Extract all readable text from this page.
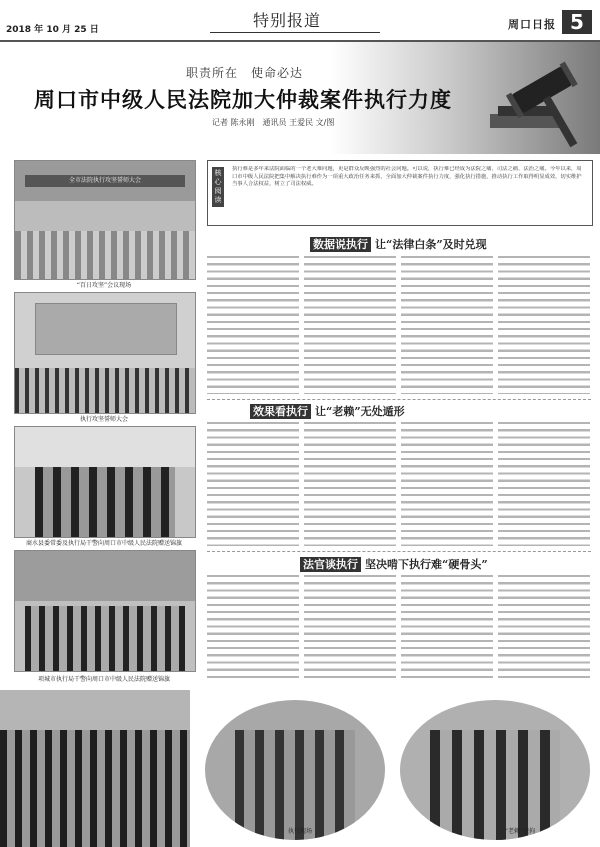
2018 年 10 月 25 日	特别报道	周口日报 5
职责所在　使命必达
周口市中级人民法院加大仲裁案件执行力度
记者 陈永刚　通讯员 王爱民 文/图
全市法院执行攻坚誓师大会
“百日攻坚”会议现场
执行攻坚誓师大会
商水县委常委及执行局干警向周口市中级人民法院赠送锦旗
项城市执行局干警向周口市中级人民法院赠送锦旗
核心阅读
执行难是多年来法院面临的一个老大难问题，更是群众反映强烈的社会问题。可以说，执行难已经成为法院之痛、司法之痛、法治之痛。今年以来，周口市中级人民法院把集中解决执行难作为一项重大政治任务来抓，全面加大仲裁案件执行力度，强化执行措施，推动执行工作取得明显成效，切实维护当事人合法权益，树立了司法权威。
数据说执行 让“法律白条”及时兑现
效果看执行 让“老赖”无处遁形
法官谈执行 坚决啃下执行难“硬骨头”
执行现场	“老赖”被拘
